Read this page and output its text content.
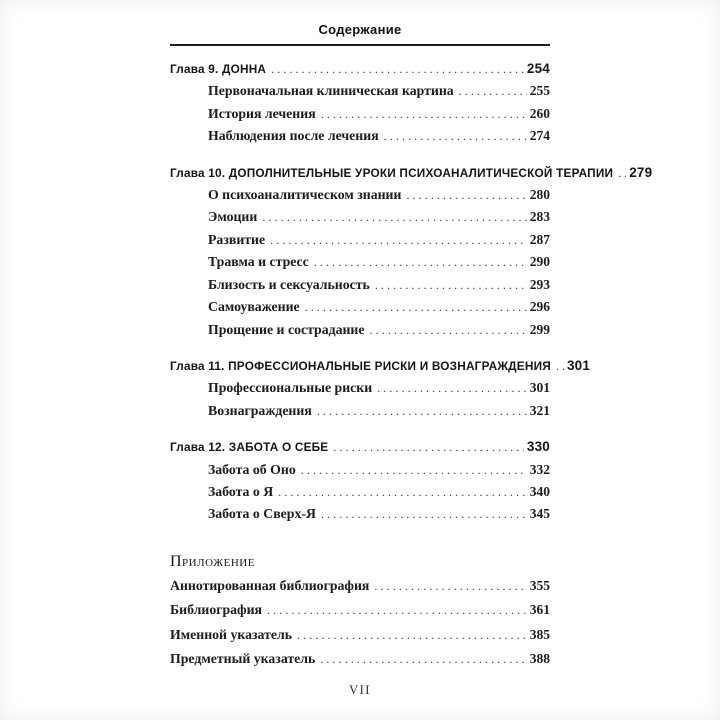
Содержание
Глава 9. ДОННА .....	254
Первоначальная клиническая картина .....	255
История лечения .....	260
Наблюдения после лечения .....	274
Глава 10. ДОПОЛНИТЕЛЬНЫЕ УРОКИ ПСИХОАНАЛИТИЧЕСКОЙ ТЕРАПИИ ..... 279
О психоаналитическом знании .....	280
Эмоции .....	283
Развитие .....	287
Травма и стресс .....	290
Близость и сексуальность .....	293
Самоуважение .....	296
Прощение и сострадание .....	299
Глава 11. ПРОФЕССИОНАЛЬНЫЕ РИСКИ И ВОЗНАГРАЖДЕНИЯ ..... 301
Профессиональные риски .....	301
Вознаграждения .....	321
Глава 12. ЗАБОТА О СЕБЕ .....	330
Забота об Оно .....	332
Забота о Я .....	340
Забота о Сверх-Я .....	345
Приложение
Аннотированная библиография .....	355
Библиография .....	361
Именной указатель .....	385
Предметный указатель .....	388
VII
